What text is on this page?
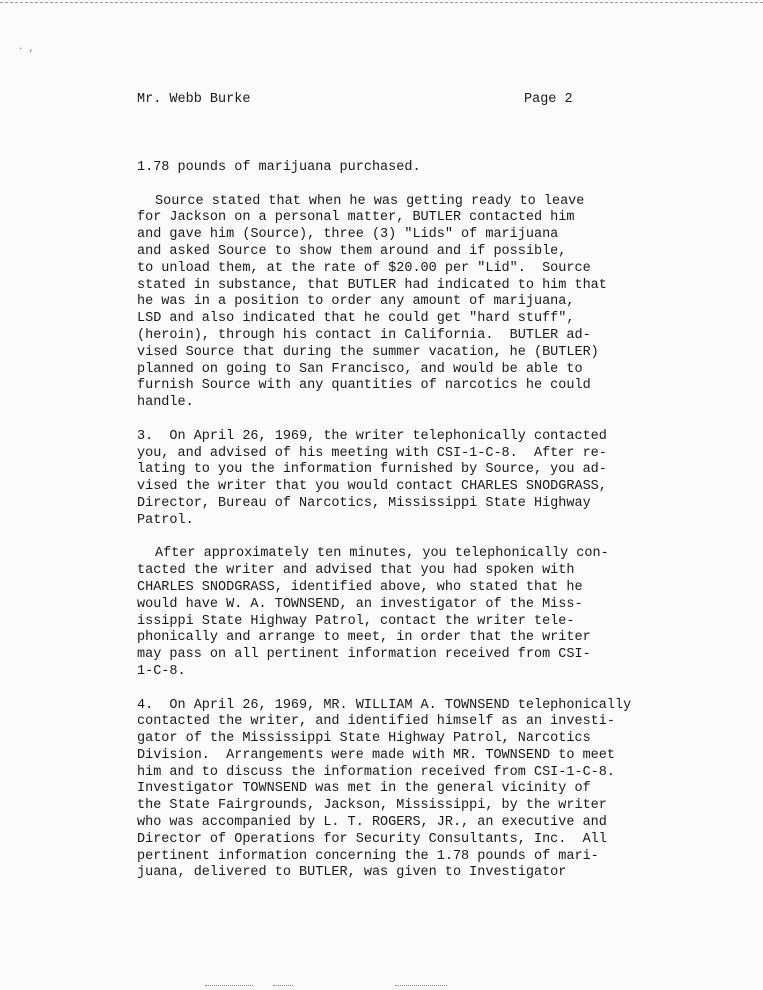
· ,
Mr. Webb Burke	Page 2

1.78 pounds of marijuana purchased.

Source stated that when he was getting ready to leave
for Jackson on a personal matter, BUTLER contacted him
and gave him (Source), three (3) "Lids" of marijuana
and asked Source to show them around and if possible,
to unload them, at the rate of $20.00 per "Lid".  Source
stated in substance, that BUTLER had indicated to him that
he was in a position to order any amount of marijuana,
LSD and also indicated that he could get "hard stuff",
(heroin), through his contact in California.  BUTLER ad-
vised Source that during the summer vacation, he (BUTLER)
planned on going to San Francisco, and would be able to
furnish Source with any quantities of narcotics he could
handle.

3.  On April 26, 1969, the writer telephonically contacted
you, and advised of his meeting with CSI-1-C-8.  After re-
lating to you the information furnished by Source, you ad-
vised the writer that you would contact CHARLES SNODGRASS,
Director, Bureau of Narcotics, Mississippi State Highway
Patrol.

After approximately ten minutes, you telephonically con-
tacted the writer and advised that you had spoken with
CHARLES SNODGRASS, identified above, who stated that he
would have W. A. TOWNSEND, an investigator of the Miss-
issippi State Highway Patrol, contact the writer tele-
phonically and arrange to meet, in order that the writer
may pass on all pertinent information received from CSI-
1-C-8.

4.  On April 26, 1969, MR. WILLIAM A. TOWNSEND telephonically
contacted the writer, and identified himself as an investi-
gator of the Mississippi State Highway Patrol, Narcotics
Division.  Arrangements were made with MR. TOWNSEND to meet
him and to discuss the information received from CSI-1-C-8.
Investigator TOWNSEND was met in the general vicinity of
the State Fairgrounds, Jackson, Mississippi, by the writer
who was accompanied by L. T. ROGERS, JR., an executive and
Director of Operations for Security Consultants, Inc.  All
pertinent information concerning the 1.78 pounds of mari-
juana, delivered to BUTLER, was given to Investigator
